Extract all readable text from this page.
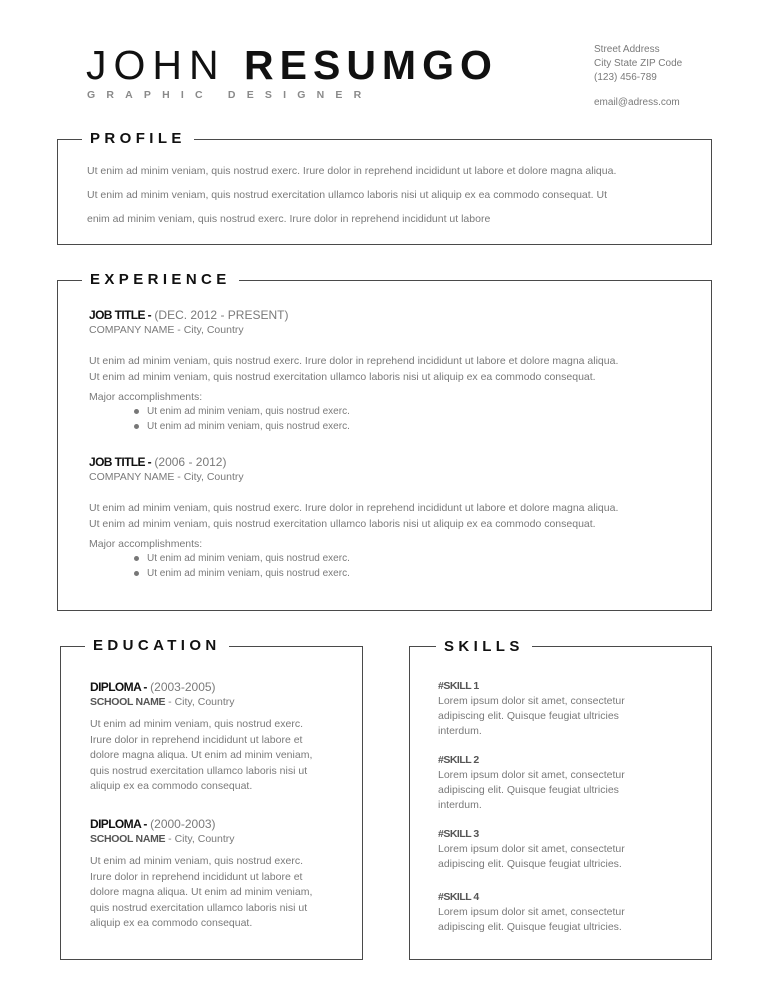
JOHN RESUMGO
GRAPHIC DESIGNER
Street Address
City State ZIP Code
(123) 456-789
email@adress.com
PROFILE
Ut enim ad minim veniam, quis nostrud exerc. Irure dolor in reprehend incididunt ut labore et dolore magna aliqua.
Ut enim ad minim veniam, quis nostrud exercitation ullamco laboris nisi ut aliquip ex ea commodo consequat. Ut
enim ad minim veniam, quis nostrud exerc. Irure dolor in reprehend incididunt ut labore
EXPERIENCE
JOB TITLE - (DEC. 2012 - PRESENT)
COMPANY NAME - City, Country
Ut enim ad minim veniam, quis nostrud exerc. Irure dolor in reprehend incididunt ut labore et dolore magna aliqua.
Ut enim ad minim veniam, quis nostrud exercitation ullamco laboris nisi ut aliquip ex ea commodo consequat.
Major accomplishments:
Ut enim ad minim veniam, quis nostrud exerc.
Ut enim ad minim veniam, quis nostrud exerc.
JOB TITLE - (2006 - 2012)
COMPANY NAME - City, Country
Ut enim ad minim veniam, quis nostrud exerc. Irure dolor in reprehend incididunt ut labore et dolore magna aliqua.
Ut enim ad minim veniam, quis nostrud exercitation ullamco laboris nisi ut aliquip ex ea commodo consequat.
Major accomplishments:
Ut enim ad minim veniam, quis nostrud exerc.
Ut enim ad minim veniam, quis nostrud exerc.
EDUCATION
DIPLOMA - (2003-2005)
SCHOOL NAME - City, Country
Ut enim ad minim veniam, quis nostrud exerc.
Irure dolor in reprehend incididunt ut labore et
dolore magna aliqua. Ut enim ad minim veniam,
quis nostrud exercitation ullamco laboris nisi ut
aliquip ex ea commodo consequat.
DIPLOMA - (2000-2003)
SCHOOL NAME - City, Country
Ut enim ad minim veniam, quis nostrud exerc.
Irure dolor in reprehend incididunt ut labore et
dolore magna aliqua. Ut enim ad minim veniam,
quis nostrud exercitation ullamco laboris nisi ut
aliquip ex ea commodo consequat.
SKILLS
#SKILL 1
Lorem ipsum dolor sit amet, consectetur
adipiscing elit. Quisque feugiat ultricies
interdum.
#SKILL 2
Lorem ipsum dolor sit amet, consectetur
adipiscing elit. Quisque feugiat ultricies
interdum.
#SKILL 3
Lorem ipsum dolor sit amet, consectetur
adipiscing elit. Quisque feugiat ultricies.
#SKILL 4
Lorem ipsum dolor sit amet, consectetur
adipiscing elit. Quisque feugiat ultricies.
